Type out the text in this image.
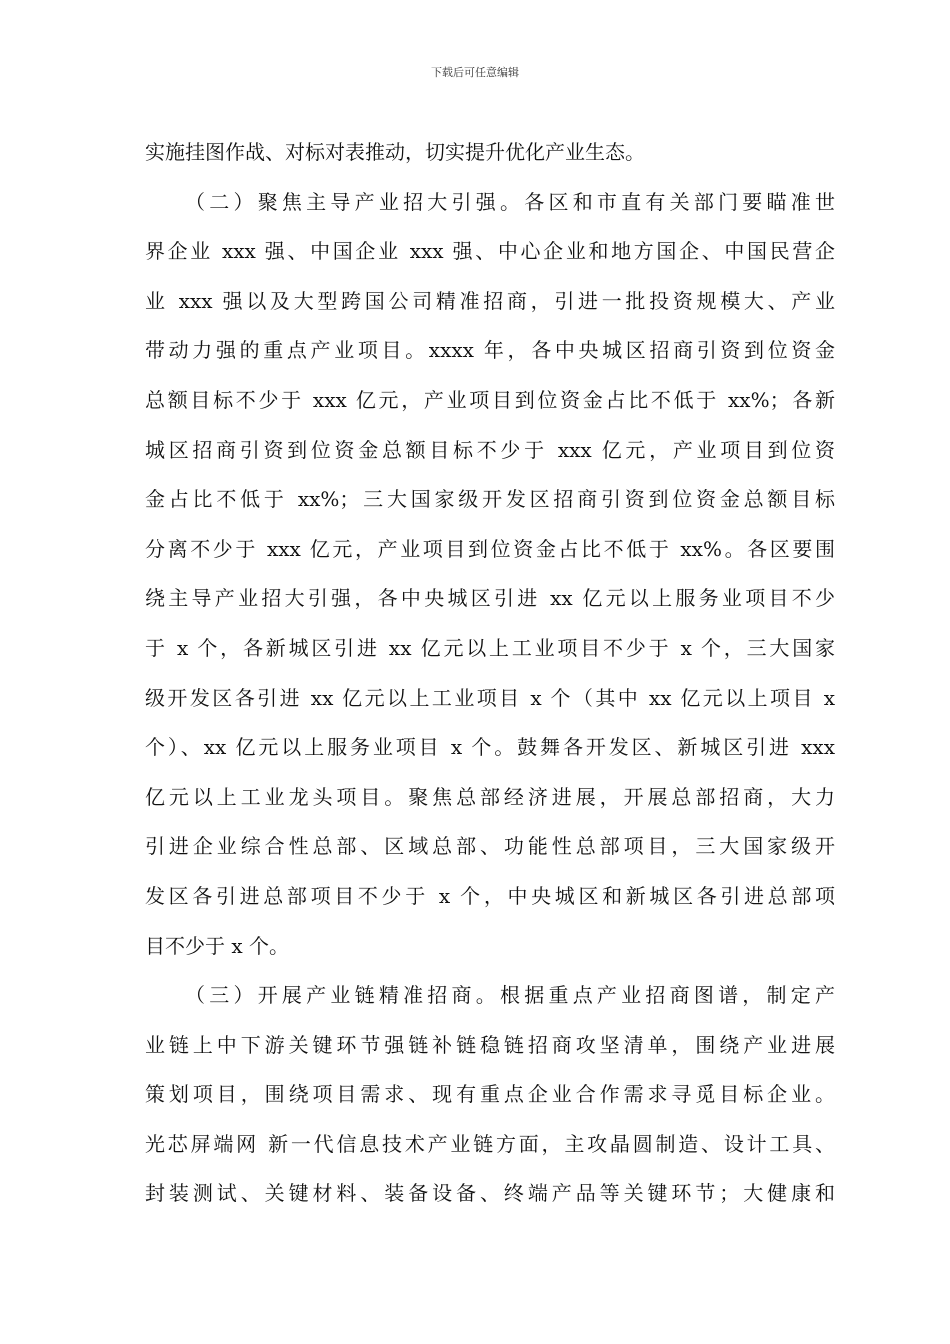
下载后可任意编辑
实施挂图作战、对标对表推动，切实提升优化产业生态。
（二）聚焦主导产业招大引强。各区和市直有关部门要瞄准世
界企业 xxx 强、中国企业 xxx 强、中心企业和地方国企、中国民营企
业 xxx 强以及大型跨国公司精准招商，引进一批投资规模大、产业
带动力强的重点产业项目。xxxx 年，各中央城区招商引资到位资金
总额目标不少于 xxx 亿元，产业项目到位资金占比不低于 xx%；各新
城区招商引资到位资金总额目标不少于 xxx 亿元，产业项目到位资
金占比不低于 xx%；三大国家级开发区招商引资到位资金总额目标
分离不少于 xxx 亿元，产业项目到位资金占比不低于 xx%。各区要围
绕主导产业招大引强，各中央城区引进 xx 亿元以上服务业项目不少
于 x 个，各新城区引进 xx 亿元以上工业项目不少于 x 个，三大国家
级开发区各引进 xx 亿元以上工业项目 x 个（其中 xx 亿元以上项目 x
个）、xx 亿元以上服务业项目 x 个。鼓舞各开发区、新城区引进 xxx
亿元以上工业龙头项目。聚焦总部经济进展，开展总部招商，大力
引进企业综合性总部、区域总部、功能性总部项目，三大国家级开
发区各引进总部项目不少于 x 个，中央城区和新城区各引进总部项
目不少于 x 个。
（三）开展产业链精准招商。根据重点产业招商图谱，制定产
业链上中下游关键环节强链补链稳链招商攻坚清单，围绕产业进展
策划项目，围绕项目需求、现有重点企业合作需求寻觅目标企业。
光芯屏端网 新一代信息技术产业链方面，主攻晶圆制造、设计工具、
封装测试、关键材料、装备设备、终端产品等关键环节；大健康和
